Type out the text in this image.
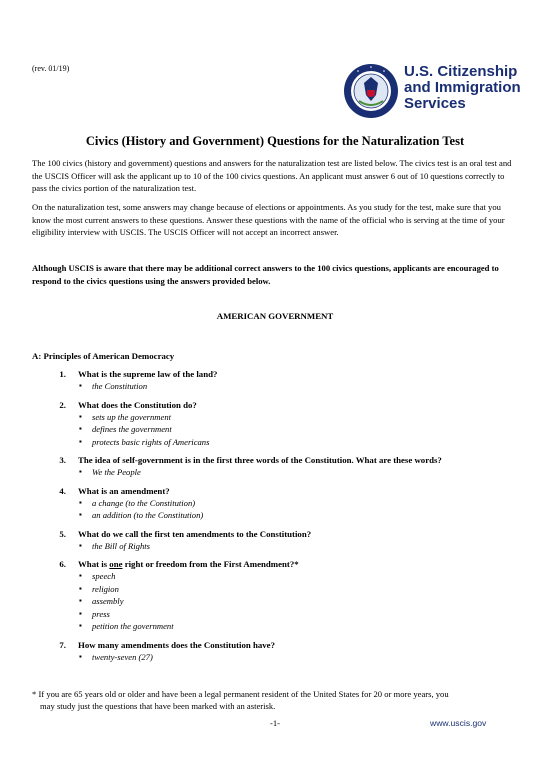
(rev. 01/19)	U.S. Citizenship
and Immigration
Services
Civics (History and Government) Questions for the Naturalization Test
The 100 civics (history and government) questions and answers for the naturalization test are listed below. The civics test is an oral test and the USCIS Officer will ask the applicant up to 10 of the 100 civics questions. An applicant must answer 6 out of 10 questions correctly to pass the civics portion of the naturalization test.
On the naturalization test, some answers may change because of elections or appointments. As you study for the test, make sure that you know the most current answers to these questions. Answer these questions with the name of the official who is serving at the time of your eligibility interview with USCIS. The USCIS Officer will not accept an incorrect answer.
Although USCIS is aware that there may be additional correct answers to the 100 civics questions, applicants are encouraged to respond to the civics questions using the answers provided below.
AMERICAN GOVERNMENT
A: Principles of American Democracy
1.	What is the supreme law of the land?
▪ the Constitution
2.	What does the Constitution do?
▪ sets up the government
▪ defines the government
▪ protects basic rights of Americans
3.	The idea of self-government is in the first three words of the Constitution. What are these words?
▪ We the People
4.	What is an amendment?
▪ a change (to the Constitution)
▪ an addition (to the Constitution)
5.	What do we call the first ten amendments to the Constitution?
▪ the Bill of Rights
6.	What is one right or freedom from the First Amendment?*
▪ speech
▪ religion
▪ assembly
▪ press
▪ petition the government
7.	How many amendments does the Constitution have?
▪ twenty-seven (27)
* If you are 65 years old or older and have been a legal permanent resident of the United States for 20 or more years, you
may study just the questions that have been marked with an asterisk.
-1-	www.uscis.gov
